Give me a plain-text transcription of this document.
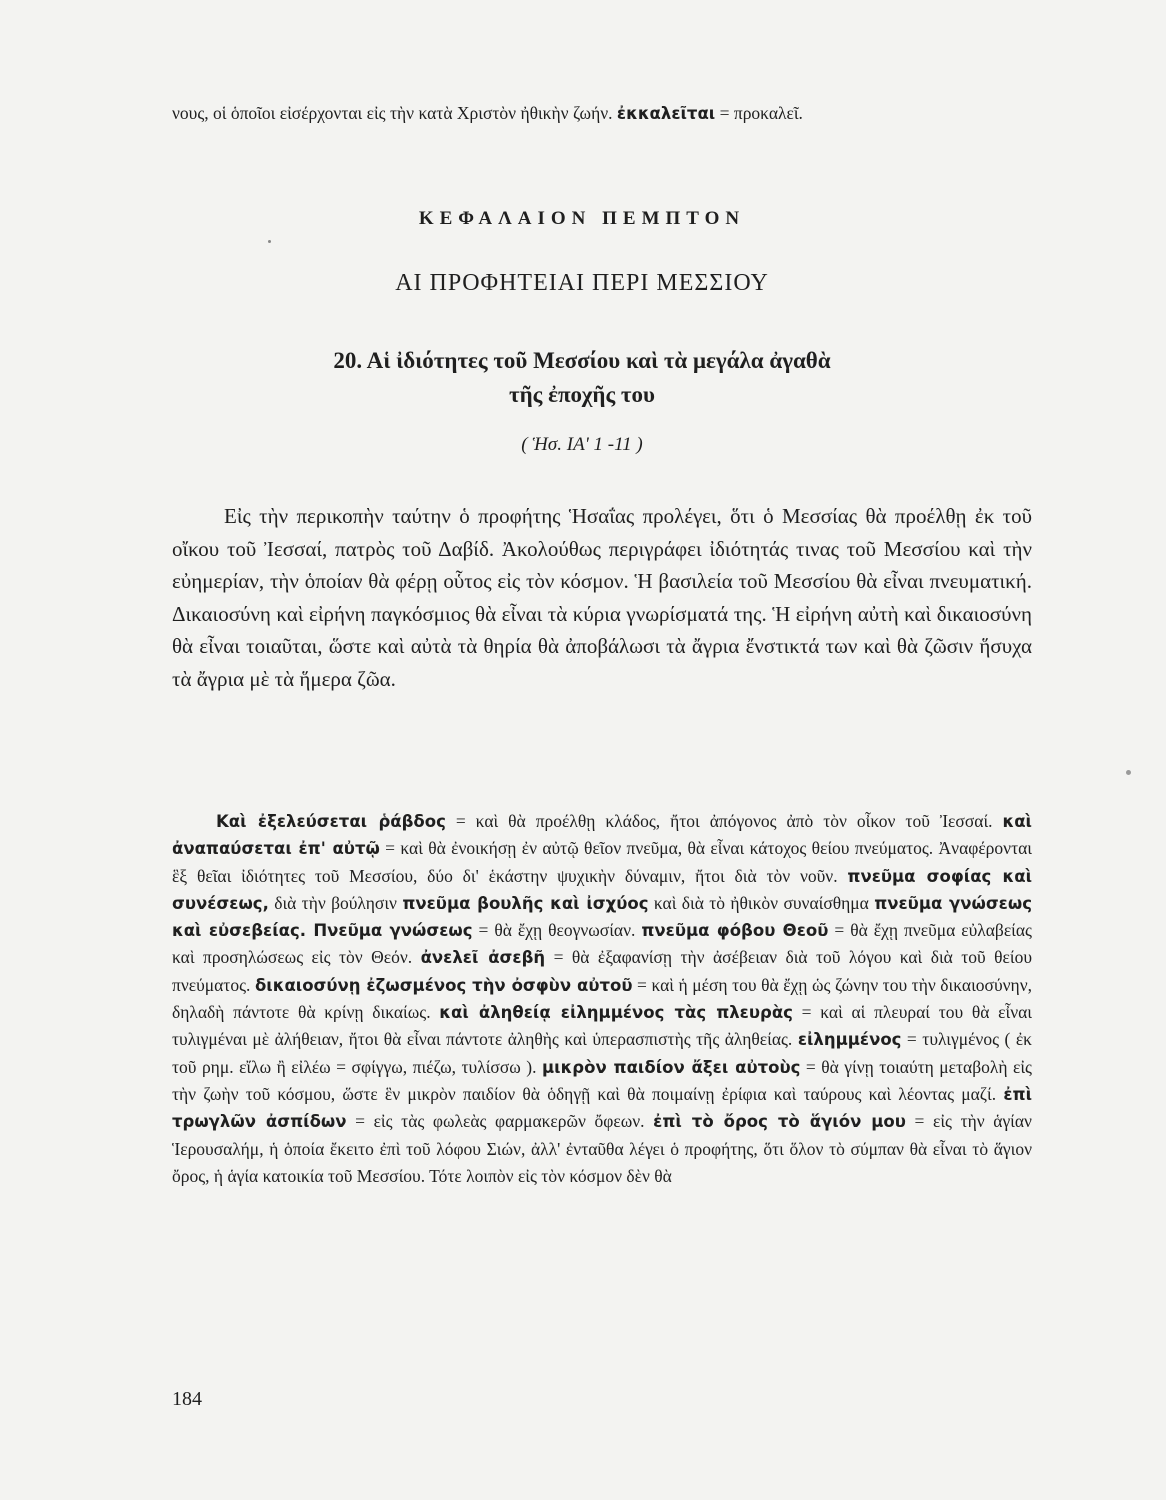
νους, οἱ ὁποῖοι εἰσέρχονται εἰς τὴν κατὰ Χριστὸν ἠθικὴν ζωήν. ἐκκαλεῖται = προκαλεῖ.
ΚΕΦΑΛΑΙΟΝ ΠΕΜΠΤΟΝ
ΑΙ ΠΡΟΦΗΤΕΙΑΙ ΠΕΡΙ ΜΕΣΣΙΟΥ
20. Αἱ ἰδιότητες τοῦ Μεσσίου καὶ τὰ μεγάλα ἀγαθὰ
τῆς ἐποχῆς του
( Ἡσ. ΙΑ' 1 -11 )

Εἰς τὴν περικοπὴν ταύτην ὁ προφήτης Ἡσαΐας προλέγει, ὅτι ὁ Μεσσίας θὰ προέλθῃ ἐκ τοῦ οἴκου τοῦ Ἰεσσαί, πατρὸς τοῦ Δαβίδ. Ἀκολούθως περιγράφει ἰδιότητάς τινας τοῦ Μεσσίου καὶ τὴν εὐημερίαν, τὴν ὁποίαν θὰ φέρῃ οὗτος εἰς τὸν κόσμον. Ἡ βασιλεία τοῦ Μεσσίου θὰ εἶναι πνευματική. Δικαιοσύνη καὶ εἰρήνη παγκόσμιος θὰ εἶναι τὰ κύρια γνωρίσματά της. Ἡ εἰρήνη αὐτὴ καὶ δικαιοσύνη θὰ εἶναι τοιαῦται, ὥστε καὶ αὐτὰ τὰ θηρία θὰ ἀποβάλωσι τὰ ἄγρια ἔνστικτά των καὶ θὰ ζῶσιν ἥσυχα τὰ ἄγρια μὲ τὰ ἥμερα ζῶα.

Καὶ ἐξελεύσεται ῥάβδος = καὶ θὰ προέλθῃ κλάδος, ἤτοι ἀπόγονος ἀπὸ τὸν οἶκον τοῦ Ἰεσσαί. καὶ ἀναπαύσεται ἐπ' αὐτῷ = καὶ θὰ ἐνοικήσῃ ἐν αὐτῷ θεῖον πνεῦμα, θὰ εἶναι κάτοχος θείου πνεύματος. Ἀναφέρονται ἓξ θεῖαι ἰδιότητες τοῦ Μεσσίου, δύο δι' ἑκάστην ψυχικὴν δύναμιν, ἤτοι διὰ τὸν νοῦν. πνεῦμα σοφίας καὶ συνέσεως, διὰ τὴν βούλησιν πνεῦμα βουλῆς καὶ ἰσχύος καὶ διὰ τὸ ἠθικὸν συναίσθημα πνεῦμα γνώσεως καὶ εὐσεβείας. Πνεῦμα γνώσεως = θὰ ἔχῃ θεογνωσίαν. πνεῦμα φόβου Θεοῦ = θὰ ἔχῃ πνεῦμα εὐλαβείας καὶ προσηλώσεως εἰς τὸν Θεόν. ἀνελεῖ ἀσεβῆ = θὰ ἐξαφανίσῃ τὴν ἀσέβειαν διὰ τοῦ λόγου καὶ διὰ τοῦ θείου πνεύματος. δικαιοσύνῃ ἐζωσμένος τὴν ὀσφὺν αὐτοῦ = καὶ ἡ μέση του θὰ ἔχῃ ὡς ζώνην του τὴν δικαιοσύνην, δηλαδὴ πάντοτε θὰ κρίνῃ δικαίως. καὶ ἀληθείᾳ εἰλημμένος τὰς πλευρὰς = καὶ αἱ πλευραί του θὰ εἶναι τυλιγμέναι μὲ ἀλήθειαν, ἤτοι θὰ εἶναι πάντοτε ἀληθὴς καὶ ὑπερασπιστὴς τῆς ἀληθείας. εἰλημμένος = τυλιγμένος ( ἐκ τοῦ ρημ. εἴλω ἢ εἰλέω = σφίγγω, πιέζω, τυλίσσω ). μικρὸν παιδίον ἄξει αὐτοὺς = θὰ γίνῃ τοιαύτη μεταβολὴ εἰς τὴν ζωὴν τοῦ κόσμου, ὥστε ἓν μικρὸν παιδίον θὰ ὁδηγῇ καὶ θὰ ποιμαίνῃ ἐρίφια καὶ ταύρους καὶ λέοντας μαζί. ἐπὶ τρωγλῶν ἀσπίδων = εἰς τὰς φωλεὰς φαρμακερῶν ὄφεων. ἐπὶ τὸ ὄρος τὸ ἅγιόν μου = εἰς τὴν ἁγίαν Ἱερουσαλήμ, ἡ ὁποία ἔκειτο ἐπὶ τοῦ λόφου Σιών, ἀλλ' ἐνταῦθα λέγει ὁ προφήτης, ὅτι ὅλον τὸ σύμπαν θὰ εἶναι τὸ ἅγιον ὄρος, ἡ ἁγία κατοικία τοῦ Μεσσίου. Τότε λοιπὸν εἰς τὸν κόσμον δὲν θὰ

184
